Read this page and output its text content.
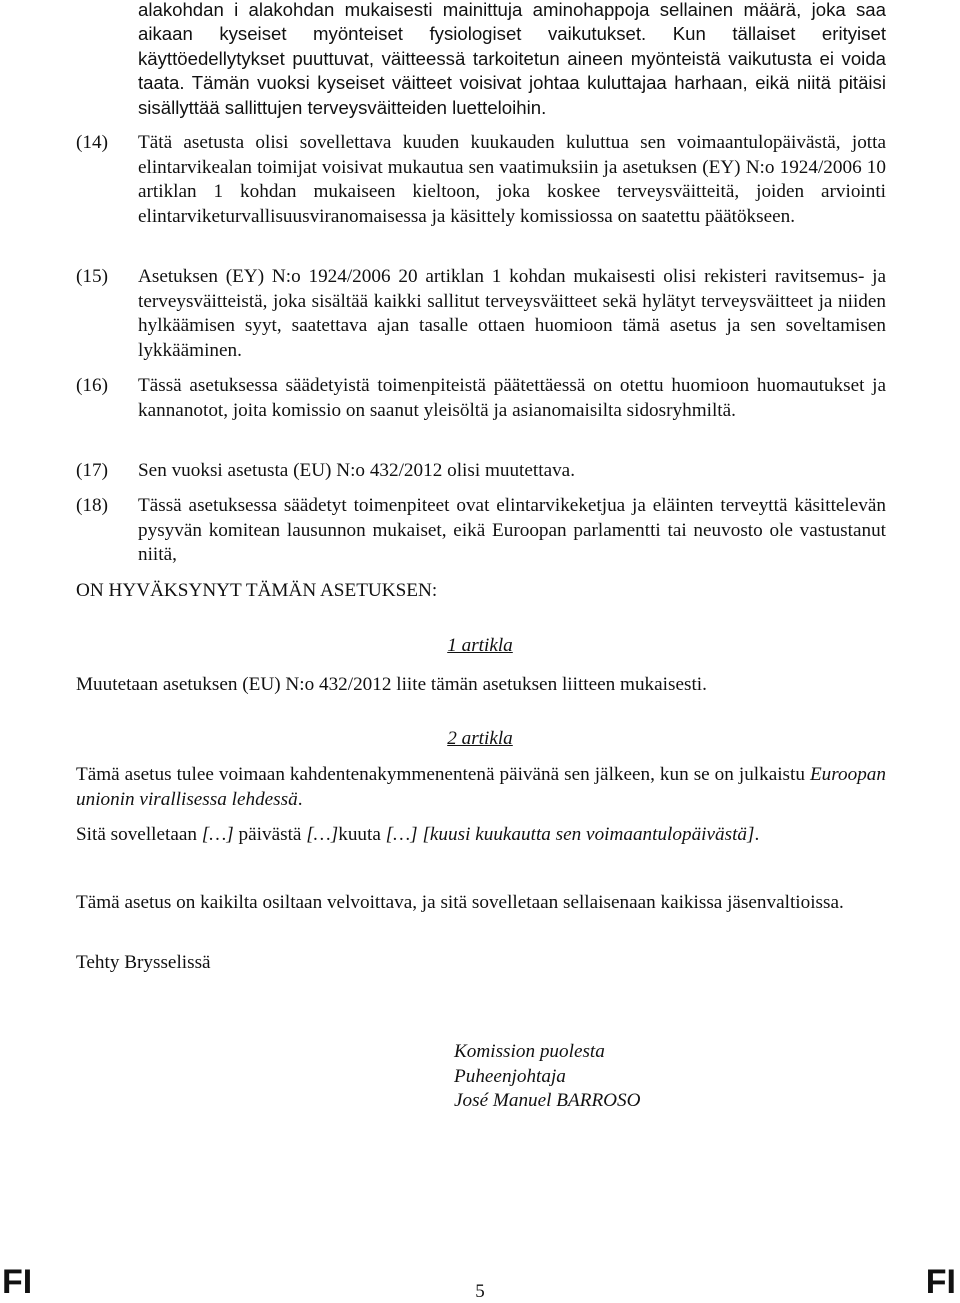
alakohdan i alakohdan mukaisesti mainittuja aminohappoja sellainen määrä, joka saa aikaan kyseiset myönteiset fysiologiset vaikutukset. Kun tällaiset erityiset käyttöedellytykset puuttuvat, väitteessä tarkoitetun aineen myönteistä vaikutusta ei voida taata. Tämän vuoksi kyseiset väitteet voisivat johtaa kuluttajaa harhaan, eikä niitä pitäisi sisällyttää sallittujen terveysväitteiden luetteloihin.
(14)	Tätä asetusta olisi sovellettava kuuden kuukauden kuluttua sen voimaantulopäivästä, jotta elintarvikealan toimijat voisivat mukautua sen vaatimuksiin ja asetuksen (EY) N:o 1924/2006 10 artiklan 1 kohdan mukaiseen kieltoon, joka koskee terveysväitteitä, joiden arviointi elintarviketurvallisuusviranomaisessa ja käsittely komissiossa on saatettu päätökseen.
(15)	Asetuksen (EY) N:o 1924/2006 20 artiklan 1 kohdan mukaisesti olisi rekisteri ravitsemus- ja terveysväitteistä, joka sisältää kaikki sallitut terveysväitteet sekä hylätyt terveysväitteet ja niiden hylkäämisen syyt, saatettava ajan tasalle ottaen huomioon tämä asetus ja sen soveltamisen lykkääminen.
(16)	Tässä asetuksessa säädetyistä toimenpiteistä päätettäessä on otettu huomioon huomautukset ja kannanotot, joita komissio on saanut yleisöltä ja asianomaisilta sidosryhmiltä.
(17)	Sen vuoksi asetusta (EU) N:o 432/2012 olisi muutettava.
(18)	Tässä asetuksessa säädetyt toimenpiteet ovat elintarvikeketjua ja eläinten terveyttä käsittelevän pysyvän komitean lausunnon mukaiset, eikä Euroopan parlamentti tai neuvosto ole vastustanut niitä,
ON HYVÄKSYNYT TÄMÄN ASETUKSEN:
1 artikla
Muutetaan asetuksen (EU) N:o 432/2012 liite tämän asetuksen liitteen mukaisesti.
2 artikla
Tämä asetus tulee voimaan kahdentenakymmenentenä päivänä sen jälkeen, kun se on julkaistu Euroopan unionin virallisessa lehdessä.
Sitä sovelletaan […] päivästä […]kuuta […] [kuusi kuukautta sen voimaantulopäivästä].
Tämä asetus on kaikilta osiltaan velvoittava, ja sitä sovelletaan sellaisenaan kaikissa jäsenvaltioissa.
Tehty Brysselissä
Komission puolesta
Puheenjohtaja
José Manuel BARROSO
FI	5	FI
